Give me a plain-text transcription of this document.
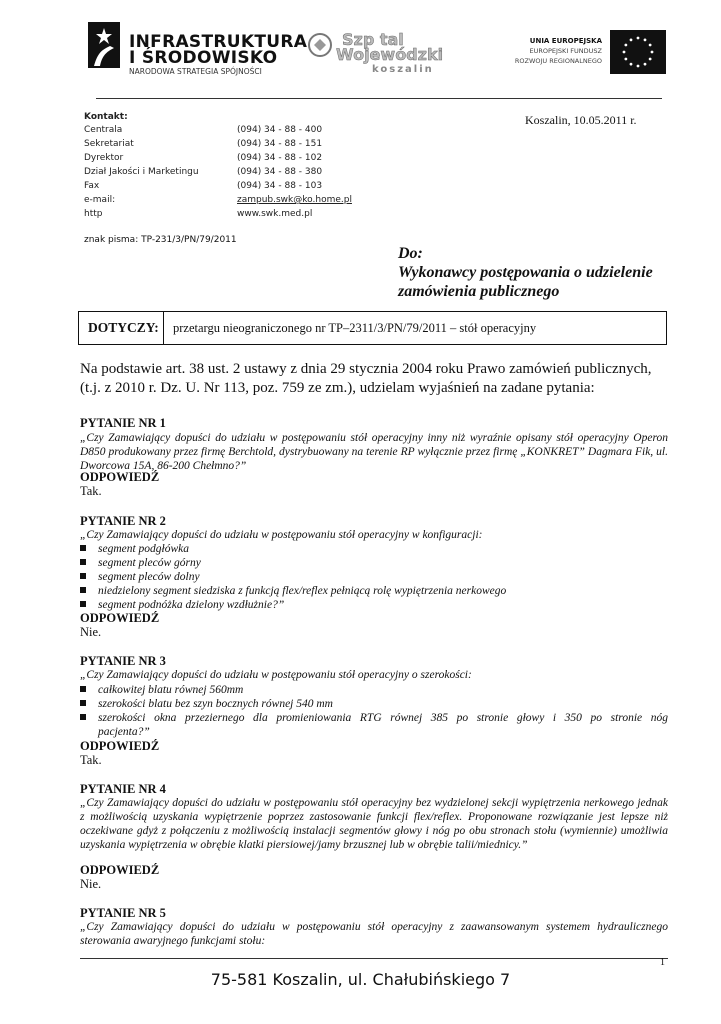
INFRASTRUKTURA
I ŚRODOWISKO
NARODOWA STRATEGIA SPÓJNOŚCI
Szp tal
Wojewódzki
koszalin
UNIA EUROPEJSKA
EUROPEJSKI FUNDUSZ
ROZWOJU REGIONALNEGO
Kontakt:
Centrala	(094) 34 - 88 - 400
Sekretariat	(094) 34 - 88 - 151
Dyrektor	(094) 34 - 88 - 102
Dział Jakości i Marketingu	(094) 34 - 88 - 380
Fax	(094) 34 - 88 - 103
e-mail:	zampub.swk@ko.home.pl
http	www.swk.med.pl
Koszalin, 10.05.2011 r.
znak pisma: TP-231/3/PN/79/2011
Do:
Wykonawcy postępowania o udzielenie
zamówienia publicznego
DOTYCZY: przetargu nieograniczonego nr TP–2311/3/PN/79/2011 – stół operacyjny
Na podstawie art. 38 ust. 2 ustawy z dnia 29 stycznia 2004 roku Prawo zamówień publicznych, (t.j. z 2010 r. Dz. U. Nr 113, poz. 759 ze zm.), udzielam wyjaśnień na zadane pytania:
PYTANIE NR 1
„Czy Zamawiający dopuści do udziału w postępowaniu stół operacyjny inny niż wyraźnie opisany stół operacyjny Operon D850 produkowany przez firmę Berchtold, dystrybuowany na terenie RP wyłącznie przez firmę „KONKRET” Dagmara Fik, ul. Dworcowa 15A, 86-200 Chełmno?”
ODPOWIEDŹ
Tak.
PYTANIE NR 2
„Czy Zamawiający dopuści do udziału w postępowaniu stół operacyjny w konfiguracji:
segment podgłówka
segment pleców górny
segment pleców dolny
niedzielony segment siedziska z funkcją flex/reflex pełniącą rolę wypiętrzenia nerkowego
segment podnóżka dzielony wzdłużnie?”
ODPOWIEDŹ
Nie.
PYTANIE NR 3
„Czy Zamawiający dopuści do udziału w postępowaniu stół operacyjny o szerokości:
całkowitej blatu równej 560mm
szerokości blatu bez szyn bocznych równej 540 mm
szerokości okna przeziernego dla promieniowania RTG równej 385 po stronie głowy i 350 po stronie nóg
pacjenta?”
ODPOWIEDŹ
Tak.
PYTANIE NR 4
„Czy Zamawiający dopuści do udziału w postępowaniu stół operacyjny bez wydzielonej sekcji wypiętrzenia nerkowego jednak z możliwością uzyskania wypiętrzenie poprzez zastosowanie funkcji flex/reflex. Proponowane rozwiązanie jest lepsze niż oczekiwane gdyż z połączeniu z możliwością instalacji segmentów głowy i nóg po obu stronach stołu (wymiennie) umożliwia uzyskania wypiętrzenia w obrębie klatki piersiowej/jamy brzusznej lub w obrębie talii/miednicy.”
ODPOWIEDŹ
Nie.
PYTANIE NR 5
„Czy Zamawiający dopuści do udziału w postępowaniu stół operacyjny z zaawansowanym systemem hydraulicznego sterowania awaryjnego funkcjami stołu:
1
75-581 Koszalin, ul. Chałubińskiego 7
